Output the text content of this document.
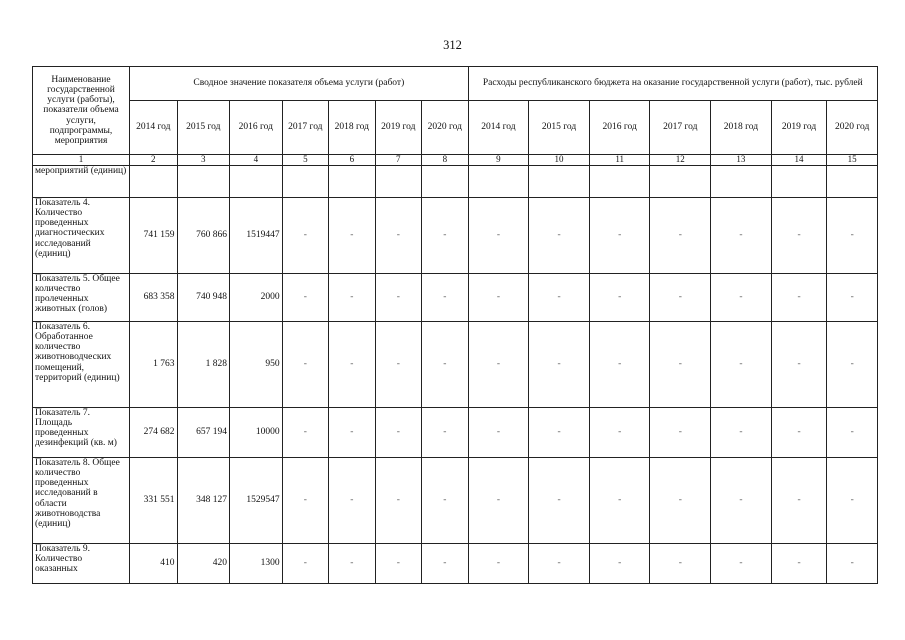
312
Наименование государственной услуги (работы), показатели объема услуги, подпрограммы, мероприятия	Сводное значение показателя объема услуги (работ)							Расходы республиканского бюджета на оказание государственной услуги (работ), тыс. рублей						
	2014 год	2015 год	2016 год	2017 год	2018 год	2019 год	2020 год	2014 год	2015 год	2016 год	2017 год	2018 год	2019 год	2020 год
1	2	3	4	5	6	7	8	9	10	11	12	13	14	15
мероприятий (единиц)														
Показатель 4. Количество проведенных диагностических исследований (единиц)	741 159	760 866	1519447	-	-	-	-	-	-	-	-	-	-	-
Показатель 5. Общее количество пролеченных животных (голов)	683 358	740 948	2000	-	-	-	-	-	-	-	-	-	-	-
Показатель 6. Обработанное количество животноводческих помещений, территорий (единиц)	1 763	1 828	950	-	-	-	-	-	-	-	-	-	-	-
Показатель 7. Площадь проведенных дезинфекций (кв. м)	274 682	657 194	10000	-	-	-	-	-	-	-	-	-	-	-
Показатель 8. Общее количество проведенных исследований в области животноводства (единиц)	331 551	348 127	1529547	-	-	-	-	-	-	-	-	-	-	-
Показатель 9. Количество оказанных	410	420	1300	-	-	-	-	-	-	-	-	-	-	-
